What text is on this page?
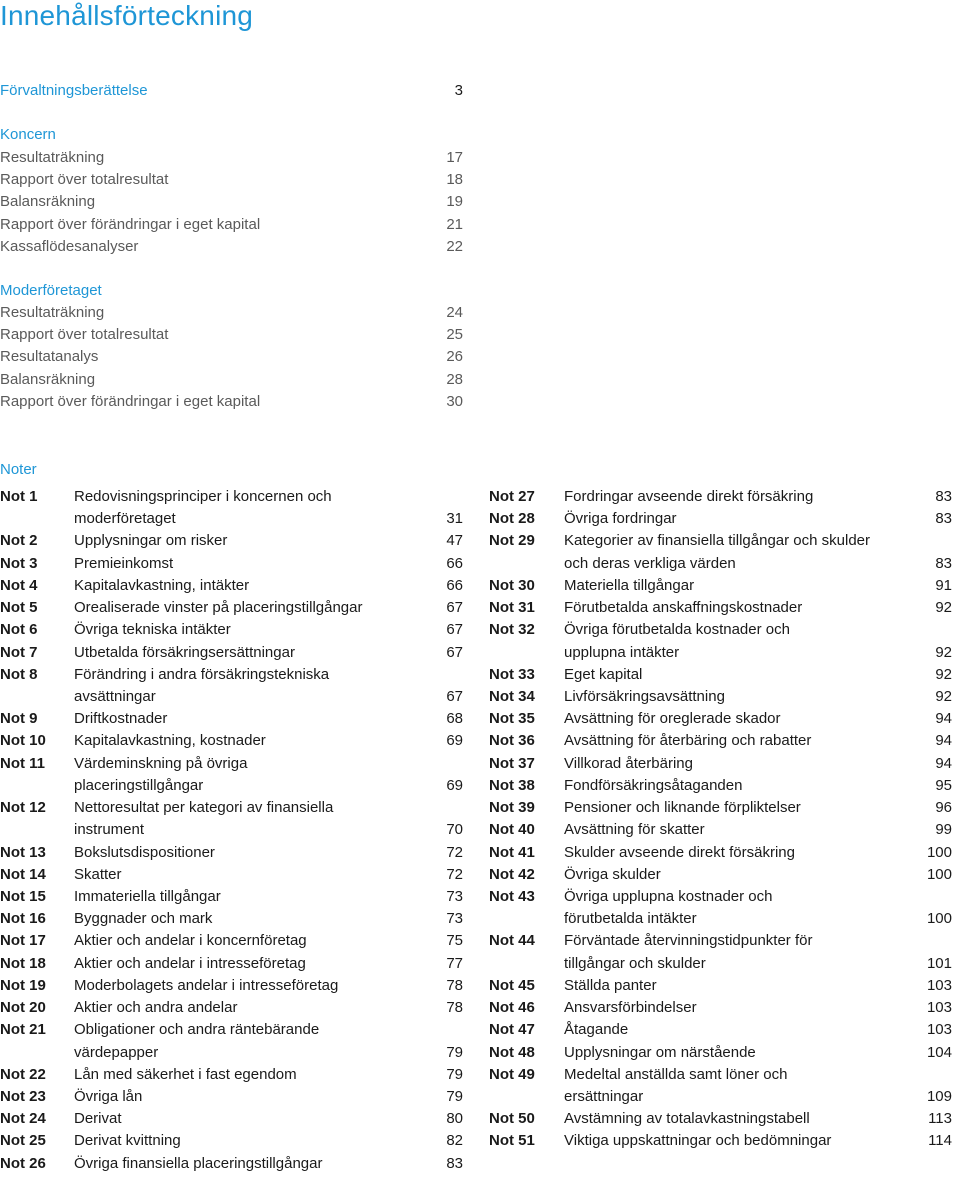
Innehållsförteckning
Förvaltningsberättelse	3
Koncern
Resultaträkning	17
Rapport över totalresultat	18
Balansräkning	19
Rapport över förändringar i eget kapital	21
Kassaflödesanalyser	22
Moderföretaget
Resultaträkning	24
Rapport över totalresultat	25
Resultatanalys	26
Balansräkning	28
Rapport över förändringar i eget kapital	30
Noter
Not 1 Redovisningsprinciper i koncernen och
moderföretaget	31
Not 2 Upplysningar om risker	47
Not 3 Premieinkomst	66
Not 4 Kapitalavkastning, intäkter	66
Not 5 Orealiserade vinster på placeringstillgångar	67
Not 6 Övriga tekniska intäkter	67
Not 7 Utbetalda försäkringsersättningar	67
Not 8 Förändring i andra försäkringstekniska
avsättningar	67
Not 9 Driftkostnader	68
Not 10 Kapitalavkastning, kostnader	69
Not 11 Värdeminskning på övriga
placeringstillgångar	69
Not 12 Nettoresultat per kategori av finansiella
instrument	70
Not 13 Bokslutsdispositioner	72
Not 14 Skatter	72
Not 15 Immateriella tillgångar	73
Not 16 Byggnader och mark	73
Not 17 Aktier och andelar i koncernföretag	75
Not 18 Aktier och andelar i intresseföretag	77
Not 19 Moderbolagets andelar i intresseföretag	78
Not 20 Aktier och andra andelar	78
Not 21 Obligationer och andra räntebärande
värdepapper	79
Not 22 Lån med säkerhet i fast egendom	79
Not 23 Övriga lån	79
Not 24 Derivat	80
Not 25 Derivat kvittning	82
Not 26 Övriga finansiella placeringstillgångar	83
Not 27 Fordringar avseende direkt försäkring	83
Not 28 Övriga fordringar	83
Not 29 Kategorier av finansiella tillgångar och skulder
och deras verkliga värden	83
Not 30 Materiella tillgångar	91
Not 31 Förutbetalda anskaffningskostnader	92
Not 32 Övriga förutbetalda kostnader och
upplupna intäkter	92
Not 33 Eget kapital	92
Not 34 Livförsäkringsavsättning	92
Not 35 Avsättning för oreglerade skador	94
Not 36 Avsättning för återbäring och rabatter	94
Not 37 Villkorad återbäring	94
Not 38 Fondförsäkringsåtaganden	95
Not 39 Pensioner och liknande förpliktelser	96
Not 40 Avsättning för skatter	99
Not 41 Skulder avseende direkt försäkring	100
Not 42 Övriga skulder	100
Not 43 Övriga upplupna kostnader och
förutbetalda intäkter	100
Not 44 Förväntade återvinningstidpunkter för
tillgångar och skulder	101
Not 45 Ställda panter	103
Not 46 Ansvarsförbindelser	103
Not 47 Åtagande	103
Not 48 Upplysningar om närstående	104
Not 49 Medeltal anställda samt löner och
ersättningar	109
Not 50 Avstämning av totalavkastningstabell	113
Not 51 Viktiga uppskattningar och bedömningar	114
